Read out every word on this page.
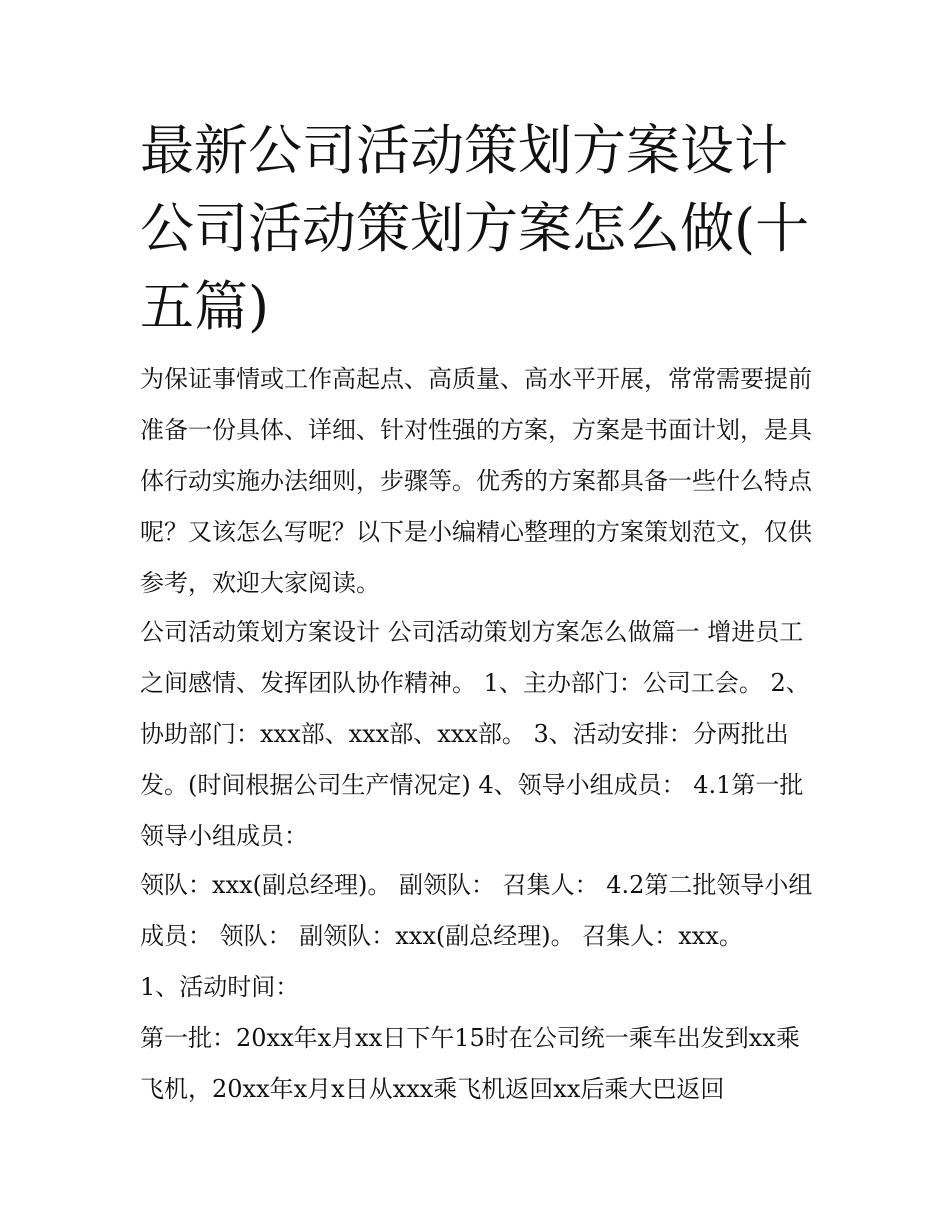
最新公司活动策划方案设计 公司活动策划方案怎么做(十五篇)

为保证事情或工作高起点、高质量、高水平开展，常常需要提前准备一份具体、详细、针对性强的方案，方案是书面计划，是具体行动实施办法细则，步骤等。优秀的方案都具备一些什么特点呢？又该怎么写呢？以下是小编精心整理的方案策划范文，仅供参考，欢迎大家阅读。

公司活动策划方案设计 公司活动策划方案怎么做篇一 增进员工之间感情、发挥团队协作精神。 1、主办部门：公司工会。 2、协助部门：xxx部、xxx部、xxx部。 3、活动安排：分两批出发。(时间根据公司生产情况定) 4、领导小组成员： 4.1第一批领导小组成员：

领队：xxx(副总经理)。 副领队： 召集人： 4.2第二批领导小组成员： 领队： 副领队：xxx(副总经理)。 召集人：xxx。

1、活动时间：

第一批：20xx年x月xx日下午15时在公司统一乘车出发到xx乘飞机，20xx年x月x日从xxx乘飞机返回xx后乘大巴返回
